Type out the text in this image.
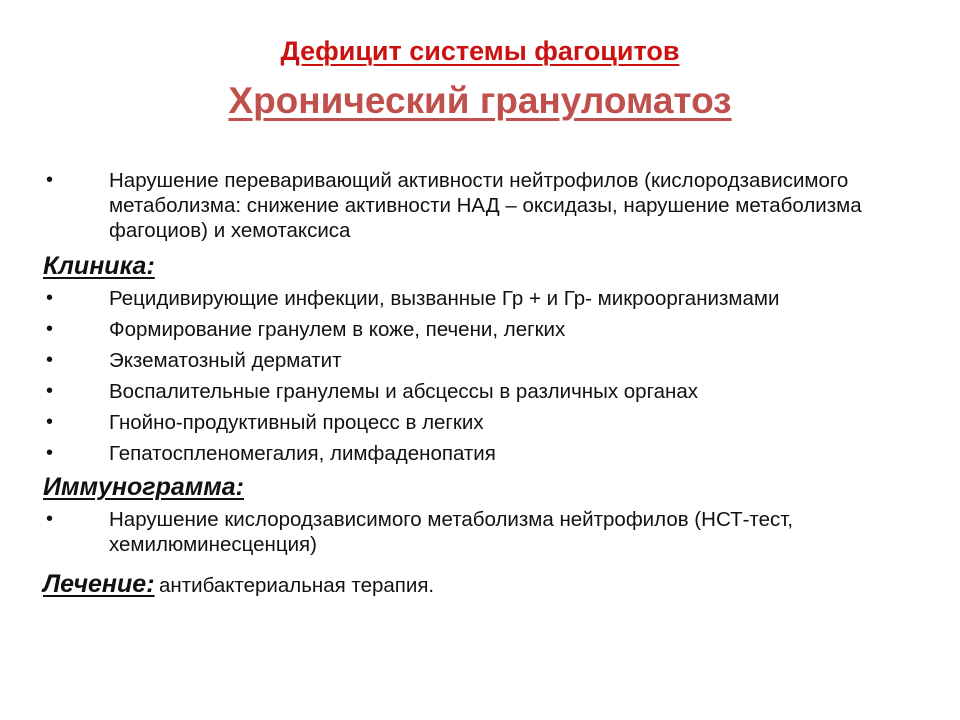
Дефицит системы фагоцитов
Хронический грануломатоз
•	Нарушение переваривающий активности нейтрофилов (кислородзависимого метаболизма: снижение активности НАД – оксидазы, нарушение метаболизма фагоциов) и хемотаксиса
Клиника:
•	Рецидивирующие инфекции, вызванные Гр + и Гр- микроорганизмами
•	Формирование гранулем в коже, печени, легких
•	Экзематозный дерматит
•	Воспалительные гранулемы и абсцессы в различных органах
•	Гнойно-продуктивный процесс в легких
•	Гепатоспленомегалия, лимфаденопатия
Иммунограмма:
•	Нарушение кислородзависимого метаболизма нейтрофилов (НСТ-тест, хемилюминесценция)
Лечение: антибактериальная терапия.
